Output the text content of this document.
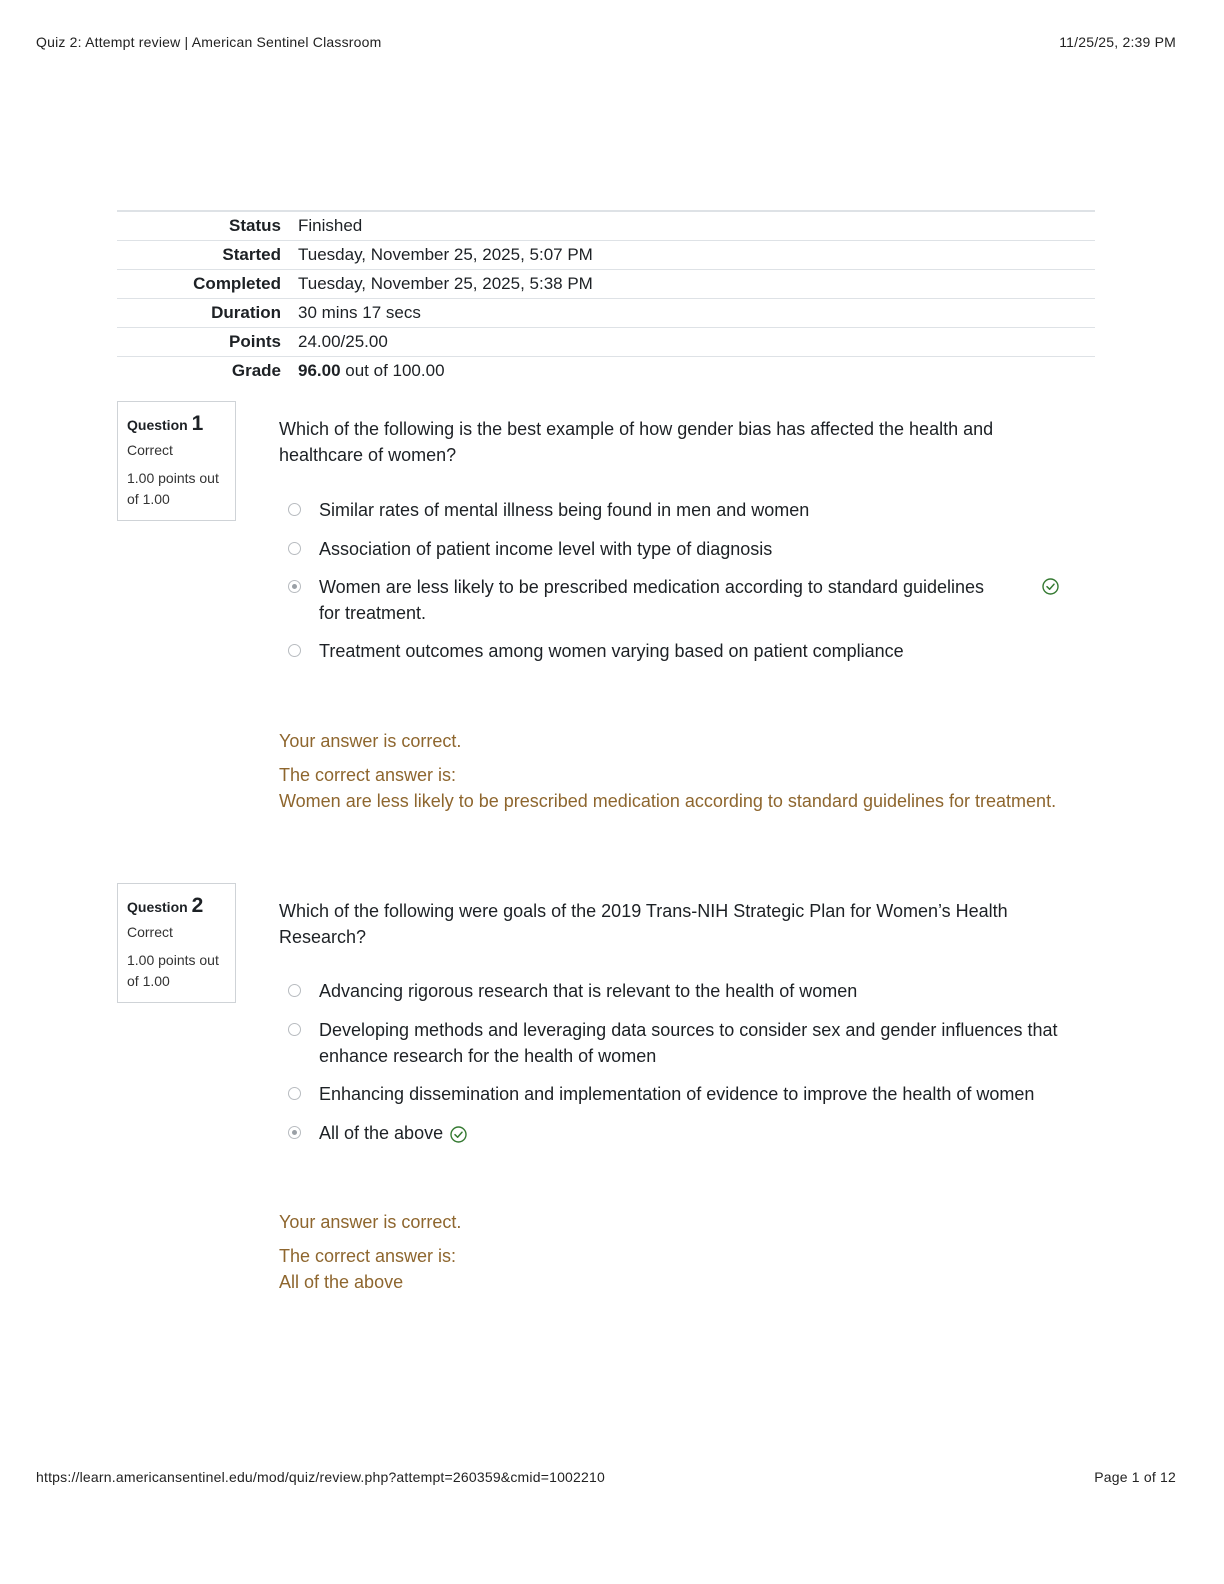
Quiz 2: Attempt review | American Sentinel Classroom	11/25/25, 2:39 PM
Status	Finished
Started	Tuesday, November 25, 2025, 5:07 PM
Completed	Tuesday, November 25, 2025, 5:38 PM
Duration	30 mins 17 secs
Points	24.00/25.00
Grade	96.00 out of 100.00
Question 1
Correct
1.00 points out of 1.00
Which of the following is the best example of how gender bias has affected the health and healthcare of women?
Similar rates of mental illness being found in men and women
Association of patient income level with type of diagnosis
Women are less likely to be prescribed medication according to standard guidelines for treatment.
Treatment outcomes among women varying based on patient compliance
Your answer is correct.
The correct answer is:
Women are less likely to be prescribed medication according to standard guidelines for treatment.
Question 2
Correct
1.00 points out of 1.00
Which of the following were goals of the 2019 Trans-NIH Strategic Plan for Women’s Health Research?
Advancing rigorous research that is relevant to the health of women
Developing methods and leveraging data sources to consider sex and gender influences that enhance research for the health of women
Enhancing dissemination and implementation of evidence to improve the health of women
All of the above
Your answer is correct.
The correct answer is:
All of the above
https://learn.americansentinel.edu/mod/quiz/review.php?attempt=260359&cmid=1002210	Page 1 of 12
